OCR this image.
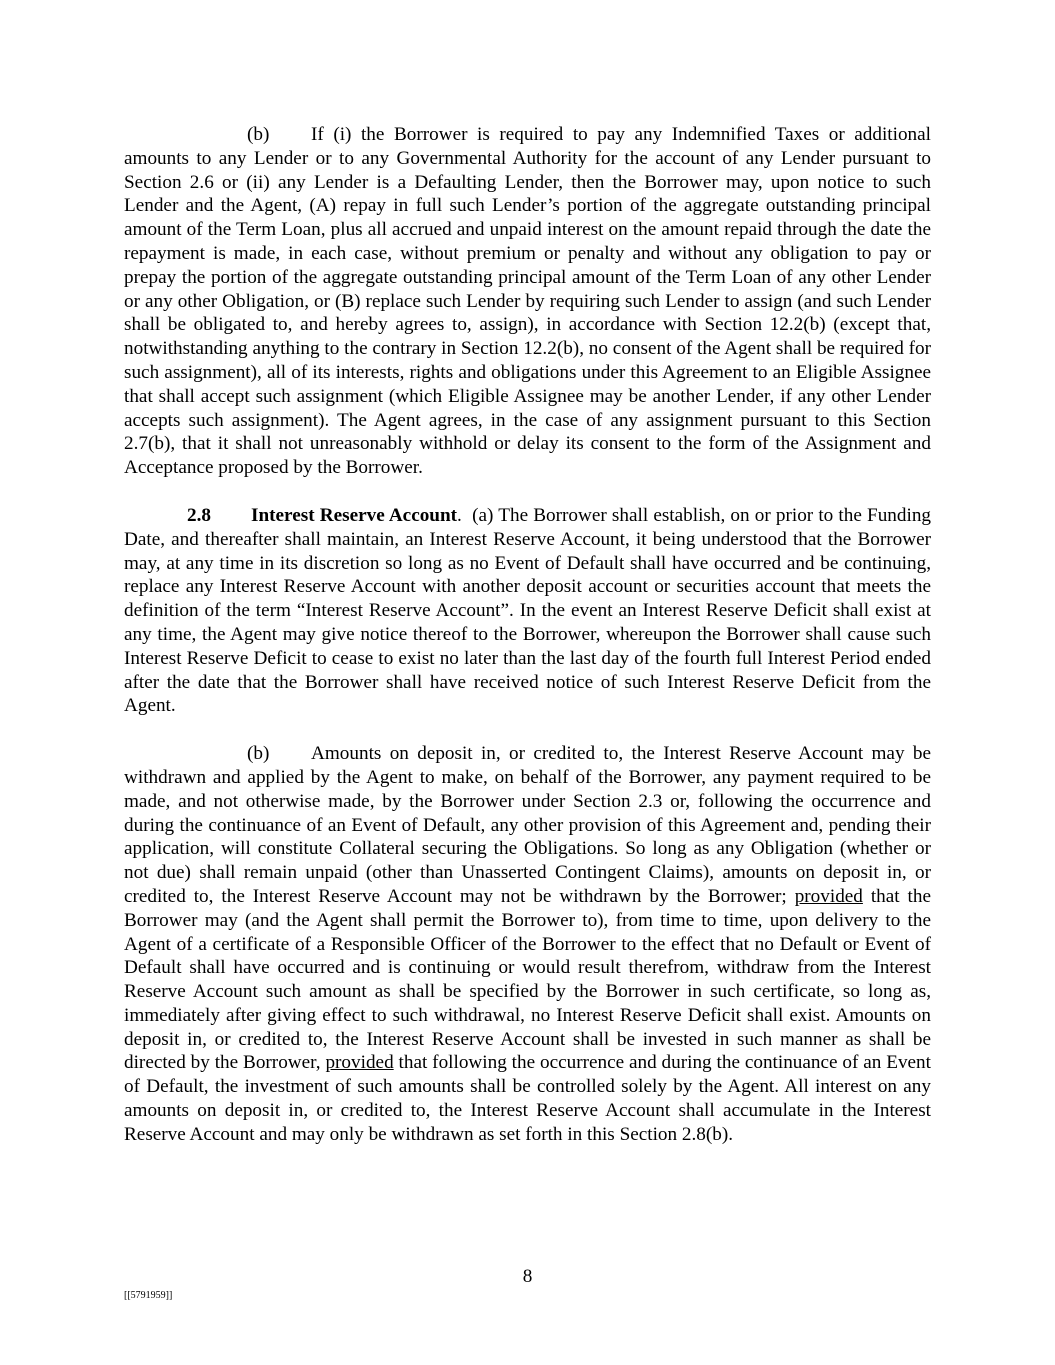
(b) If (i) the Borrower is required to pay any Indemnified Taxes or additional amounts to any Lender or to any Governmental Authority for the account of any Lender pursuant to Section 2.6 or (ii) any Lender is a Defaulting Lender, then the Borrower may, upon notice to such Lender and the Agent, (A) repay in full such Lender’s portion of the aggregate outstanding principal amount of the Term Loan, plus all accrued and unpaid interest on the amount repaid through the date the repayment is made, in each case, without premium or penalty and without any obligation to pay or prepay the portion of the aggregate outstanding principal amount of the Term Loan of any other Lender or any other Obligation, or (B) replace such Lender by requiring such Lender to assign (and such Lender shall be obligated to, and hereby agrees to, assign), in accordance with Section 12.2(b) (except that, notwithstanding anything to the contrary in Section 12.2(b), no consent of the Agent shall be required for such assignment), all of its interests, rights and obligations under this Agreement to an Eligible Assignee that shall accept such assignment (which Eligible Assignee may be another Lender, if any other Lender accepts such assignment). The Agent agrees, in the case of any assignment pursuant to this Section 2.7(b), that it shall not unreasonably withhold or delay its consent to the form of the Assignment and Acceptance proposed by the Borrower.

2.8 Interest Reserve Account. (a) The Borrower shall establish, on or prior to the Funding Date, and thereafter shall maintain, an Interest Reserve Account, it being understood that the Borrower may, at any time in its discretion so long as no Event of Default shall have occurred and be continuing, replace any Interest Reserve Account with another deposit account or securities account that meets the definition of the term “Interest Reserve Account”. In the event an Interest Reserve Deficit shall exist at any time, the Agent may give notice thereof to the Borrower, whereupon the Borrower shall cause such Interest Reserve Deficit to cease to exist no later than the last day of the fourth full Interest Period ended after the date that the Borrower shall have received notice of such Interest Reserve Deficit from the Agent.

(b) Amounts on deposit in, or credited to, the Interest Reserve Account may be withdrawn and applied by the Agent to make, on behalf of the Borrower, any payment required to be made, and not otherwise made, by the Borrower under Section 2.3 or, following the occurrence and during the continuance of an Event of Default, any other provision of this Agreement and, pending their application, will constitute Collateral securing the Obligations. So long as any Obligation (whether or not due) shall remain unpaid (other than Unasserted Contingent Claims), amounts on deposit in, or credited to, the Interest Reserve Account may not be withdrawn by the Borrower; provided that the Borrower may (and the Agent shall permit the Borrower to), from time to time, upon delivery to the Agent of a certificate of a Responsible Officer of the Borrower to the effect that no Default or Event of Default shall have occurred and is continuing or would result therefrom, withdraw from the Interest Reserve Account such amount as shall be specified by the Borrower in such certificate, so long as, immediately after giving effect to such withdrawal, no Interest Reserve Deficit shall exist. Amounts on deposit in, or credited to, the Interest Reserve Account shall be invested in such manner as shall be directed by the Borrower, provided that following the occurrence and during the continuance of an Event of Default, the investment of such amounts shall be controlled solely by the Agent. All interest on any amounts on deposit in, or credited to, the Interest Reserve Account shall accumulate in the Interest Reserve Account and may only be withdrawn as set forth in this Section 2.8(b).

8
[[5791959]]
